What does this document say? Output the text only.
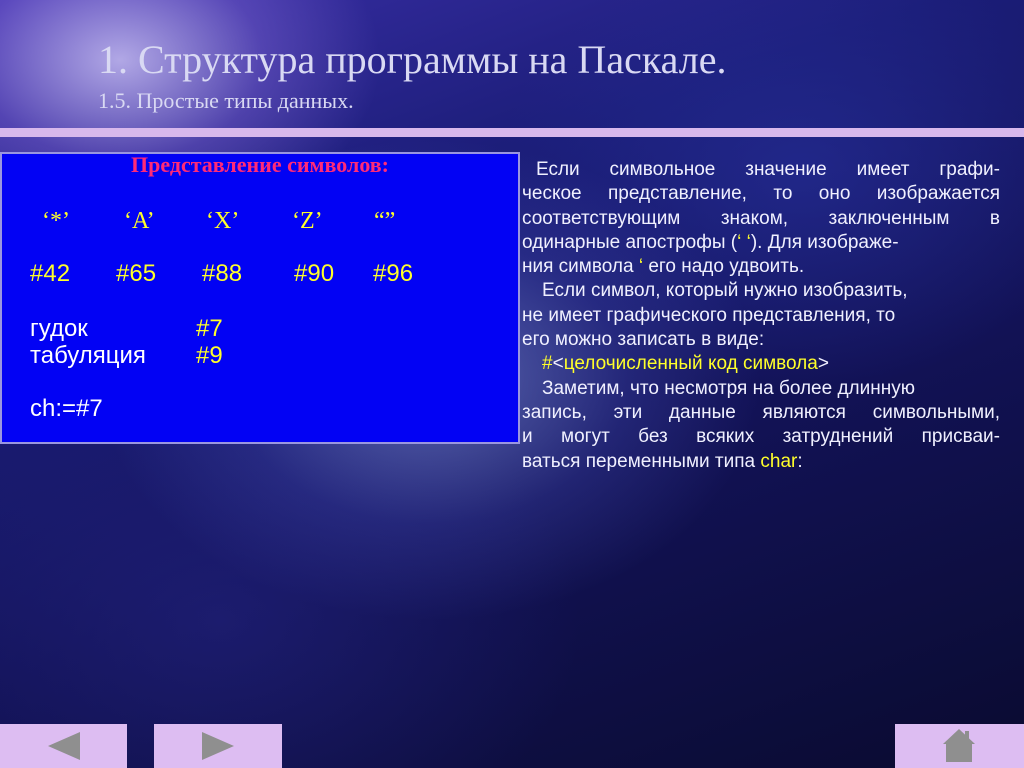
1. Структура программы на Паскале.
1.5. Простые типы данных.
Представление символов:
‘*’ ‘A’ ‘X’ ‘Z’ “”
#42 #65 #88 #90 #96
гудок	#7
табуляция #9
ch:=#7
Если символьное значение имеет графи-
ческое представление, то оно изображается
соответствующим знаком, заключенным в
одинарные апострофы (‘ ‘). Для изображе-
ния символа ‘ его надо удвоить.
Если символ, который нужно изобразить,
не имеет графического представления, то
его можно записать в виде:
#<целочисленный код символа>
Заметим, что несмотря на более длинную
запись, эти данные являются символьными,
и могут без всяких затруднений присваи-
ваться переменными типа char:
